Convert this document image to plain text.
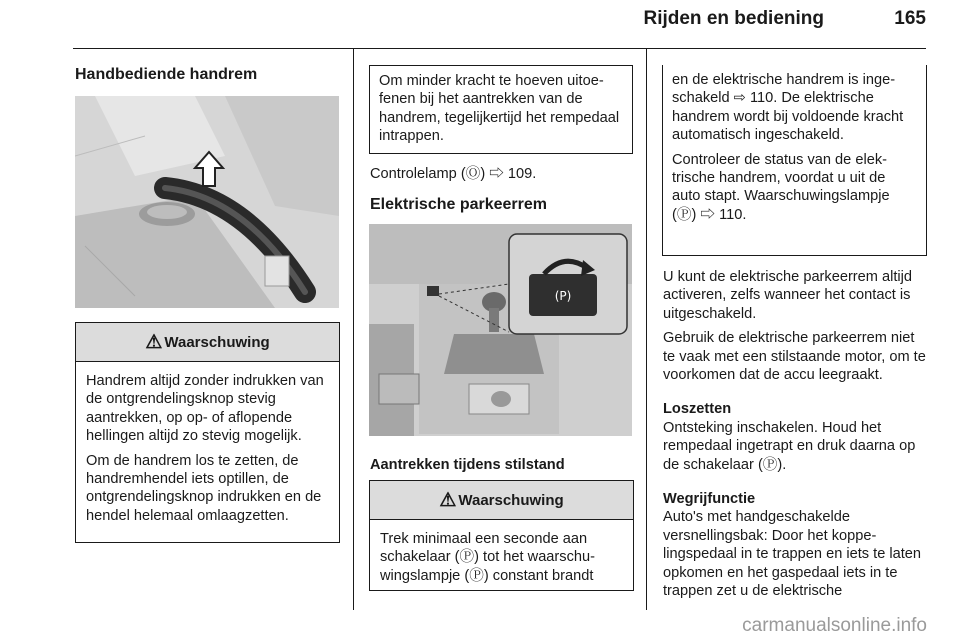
Rijden en bediening	165
Handbediende handrem
⚠ Waarschuwing

Handrem altijd zonder indrukken van de ontgrendelingsknop stevig aantrekken, op op- of aflopende hellingen altijd zo stevig mogelijk.

Om de handrem los te zetten, de handremhendel iets optillen, de ontgrendelingsknop indrukken en de hendel helemaal omlaagzetten.

Om minder kracht te hoeven uitoefenen bij het aantrekken van de handrem, tegelijkertijd het rempedaal intrappen.
Controlelamp (Ⓞ) ⇨ 109.
Elektrische parkeerrem
(P)
Aantrekken tijdens stilstand
⚠ Waarschuwing
Trek minimaal een seconde aan schakelaar (Ⓟ) tot het waarschuwingslampje (Ⓟ) constant brandt

en de elektrische handrem is ingeschakeld ⇨ 110. De elektrische handrem wordt bij voldoende kracht automatisch ingeschakeld.

Controleer de status van de elektrische handrem, voordat u uit de auto stapt. Waarschuwingslampje (Ⓟ) ⇨ 110.

U kunt de elektrische parkeerrem altijd activeren, zelfs wanneer het contact is uitgeschakeld.

Gebruik de elektrische parkeerrem niet te vaak met een stilstaande motor, om te voorkomen dat de accu leegraakt.

Loszetten

Ontsteking inschakelen. Houd het rempedaal ingetrapt en druk daarna op de schakelaar (Ⓟ).

Wegrijfunctie

Auto's met handgeschakelde versnellingsbak: Door het koppelingspedaal in te trappen en iets te laten opkomen en het gaspedaal iets in te trappen zet u de elektrische

carmanualsonline.info
